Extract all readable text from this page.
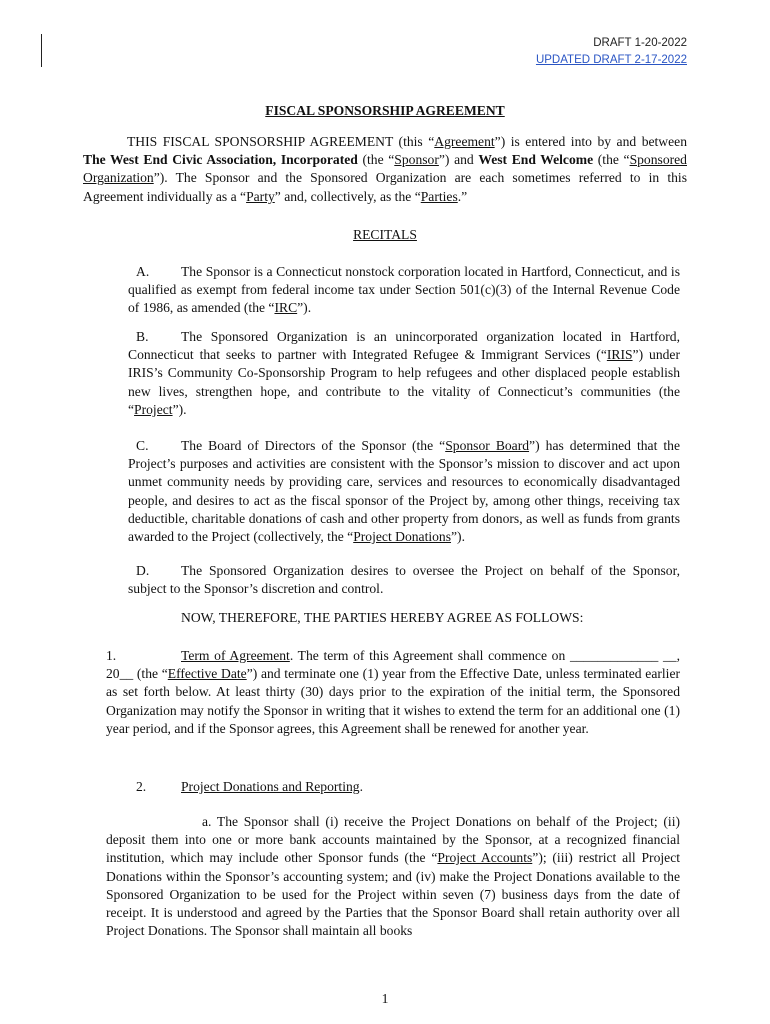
DRAFT 1-20-2022
UPDATED DRAFT 2-17-2022
FISCAL SPONSORSHIP AGREEMENT
THIS FISCAL SPONSORSHIP AGREEMENT (this “Agreement”) is entered into by and between The West End Civic Association, Incorporated (the “Sponsor”) and West End Welcome (the “Sponsored Organization”). The Sponsor and the Sponsored Organization are each sometimes referred to in this Agreement individually as a “Party” and, collectively, as the “Parties.”
RECITALS
A. The Sponsor is a Connecticut nonstock corporation located in Hartford, Connecticut, and is qualified as exempt from federal income tax under Section 501(c)(3) of the Internal Revenue Code of 1986, as amended (the “IRC”).
B. The Sponsored Organization is an unincorporated organization located in Hartford, Connecticut that seeks to partner with Integrated Refugee & Immigrant Services (“IRIS”) under IRIS’s Community Co-Sponsorship Program to help refugees and other displaced people establish new lives, strengthen hope, and contribute to the vitality of Connecticut’s communities (the “Project”).
C. The Board of Directors of the Sponsor (the “Sponsor Board”) has determined that the Project’s purposes and activities are consistent with the Sponsor’s mission to discover and act upon unmet community needs by providing care, services and resources to economically disadvantaged people, and desires to act as the fiscal sponsor of the Project by, among other things, receiving tax deductible, charitable donations of cash and other property from donors, as well as funds from grants awarded to the Project (collectively, the “Project Donations”).
D. The Sponsored Organization desires to oversee the Project on behalf of the Sponsor, subject to the Sponsor’s discretion and control.
NOW, THEREFORE, THE PARTIES HEREBY AGREE AS FOLLOWS:
1.	Term of Agreement. The term of this Agreement shall commence on _____________ __, 20__ (the “Effective Date”) and terminate one (1) year from the Effective Date, unless terminated earlier as set forth below. At least thirty (30) days prior to the expiration of the initial term, the Sponsored Organization may notify the Sponsor in writing that it wishes to extend the term for an additional one (1) year period, and if the Sponsor agrees, this Agreement shall be renewed for another year.
2.	Project Donations and Reporting.
a. The Sponsor shall (i) receive the Project Donations on behalf of the Project; (ii) deposit them into one or more bank accounts maintained by the Sponsor, at a recognized financial institution, which may include other Sponsor funds (the “Project Accounts”); (iii) restrict all Project Donations within the Sponsor’s accounting system; and (iv) make the Project Donations available to the Sponsored Organization to be used for the Project within seven (7) business days from the date of receipt. It is understood and agreed by the Parties that the Sponsor Board shall retain authority over all Project Donations. The Sponsor shall maintain all books
1
